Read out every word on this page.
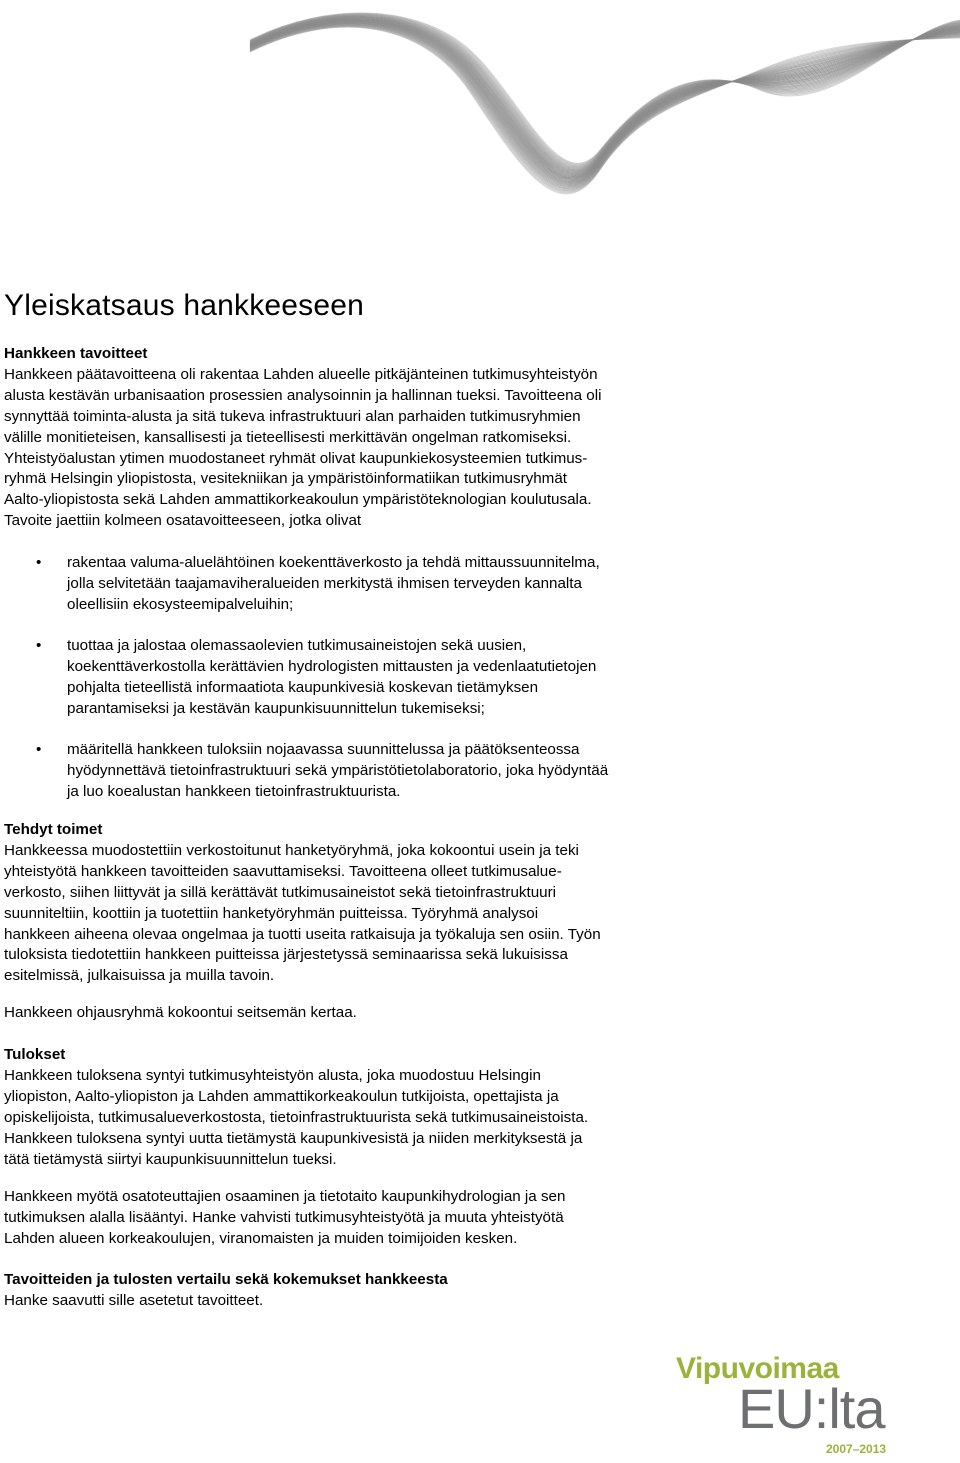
Yleiskatsaus hankkeeseen
Hankkeen tavoitteet
Hankkeen päätavoitteena oli rakentaa Lahden alueelle pitkäjänteinen tutkimusyhteistyön
alusta kestävän urbanisaation prosessien analysoinnin ja hallinnan tueksi. Tavoitteena oli
synnyttää toiminta-alusta ja sitä tukeva infrastruktuuri alan parhaiden tutkimusryhmien
välille monitieteisen, kansallisesti ja tieteellisesti merkittävän ongelman ratkomiseksi.
Yhteistyöalustan ytimen muodostaneet ryhmät olivat kaupunkiekosysteemien tutkimus-
ryhmä Helsingin yliopistosta, vesitekniikan ja ympäristöinformatiikan tutkimusryhmät
Aalto-yliopistosta sekä Lahden ammattikorkeakoulun ympäristöteknologian koulutusala.
Tavoite jaettiin kolmeen osatavoitteeseen, jotka olivat
• rakentaa valuma-aluelähtöinen koekenttäverkosto ja tehdä mittaussuunnitelma,
jolla selvitetään taajamaviheralueiden merkitystä ihmisen terveyden kannalta
oleellisiin ekosysteemipalveluihin;
• tuottaa ja jalostaa olemassaolevien tutkimusaineistojen sekä uusien,
koekenttäverkostolla kerättävien hydrologisten mittausten ja vedenlaatutietojen
pohjalta tieteellistä informaatiota kaupunkivesiä koskevan tietämyksen
parantamiseksi ja kestävän kaupunkisuunnittelun tukemiseksi;
• määritellä hankkeen tuloksiin nojaavassa suunnittelussa ja päätöksenteossa
hyödynnettävä tietoinfrastruktuuri sekä ympäristötietolaboratorio, joka hyödyntää
ja luo koealustan hankkeen tietoinfrastruktuurista.
Tehdyt toimet
Hankkeessa muodostettiin verkostoitunut hanketyöryhmä, joka kokoontui usein ja teki
yhteistyötä hankkeen tavoitteiden saavuttamiseksi. Tavoitteena olleet tutkimusalue-
verkosto, siihen liittyvät ja sillä kerättävät tutkimusaineistot sekä tietoinfrastruktuuri
suunniteltiin, koottiin ja tuotettiin hanketyöryhmän puitteissa. Työryhmä analysoi
hankkeen aiheena olevaa ongelmaa ja tuotti useita ratkaisuja ja työkaluja sen osiin. Työn
tuloksista tiedotettiin hankkeen puitteissa järjestetyssä seminaarissa sekä lukuisissa
esitelmissä, julkaisuissa ja muilla tavoin.
Hankkeen ohjausryhmä kokoontui seitsemän kertaa.
Tulokset
Hankkeen tuloksena syntyi tutkimusyhteistyön alusta, joka muodostuu Helsingin
yliopiston, Aalto-yliopiston ja Lahden ammattikorkeakoulun tutkijoista, opettajista ja
opiskelijoista, tutkimusalueverkostosta, tietoinfrastruktuurista sekä tutkimusaineistoista.
Hankkeen tuloksena syntyi uutta tietämystä kaupunkivesistä ja niiden merkityksestä ja
tätä tietämystä siirtyi kaupunkisuunnittelun tueksi.
Hankkeen myötä osatoteuttajien osaaminen ja tietotaito kaupunkihydrologian ja sen
tutkimuksen alalla lisääntyi. Hanke vahvisti tutkimusyhteistyötä ja muuta yhteistyötä
Lahden alueen korkeakoulujen, viranomaisten ja muiden toimijoiden kesken.
Tavoitteiden ja tulosten vertailu sekä kokemukset hankkeesta
Hanke saavutti sille asetetut tavoitteet.
Vipuvoimaa
EU:lta
2007–2013
